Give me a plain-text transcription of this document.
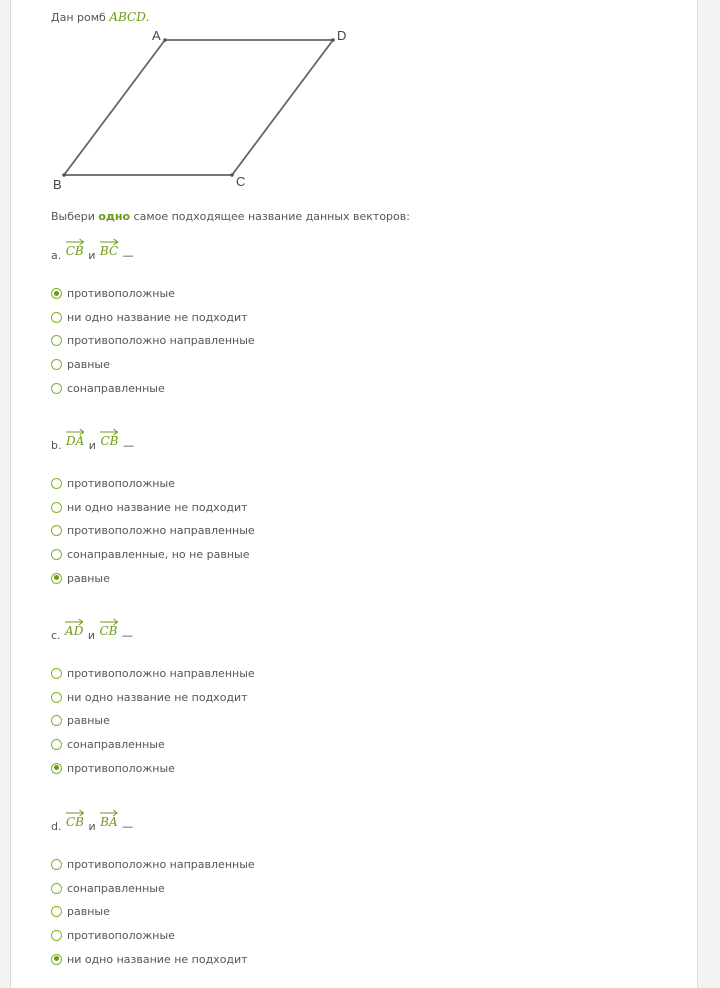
Дан ромб ABCD.
A	D
C
B
Выбери одно самое подходящее название данных векторов:
a. CB и BC —
противоположные
ни одно название не подходит
противоположно направленные
равные
сонаправленные
b. DA и CB —
противоположные
ни одно название не подходит
противоположно направленные
сонаправленные, но не равные
равные
c. AD и CB —
противоположно направленные
ни одно название не подходит
равные
сонаправленные
противоположные
d. CB и BA —
противоположно направленные
сонаправленные
равные
противоположные
ни одно название не подходит
